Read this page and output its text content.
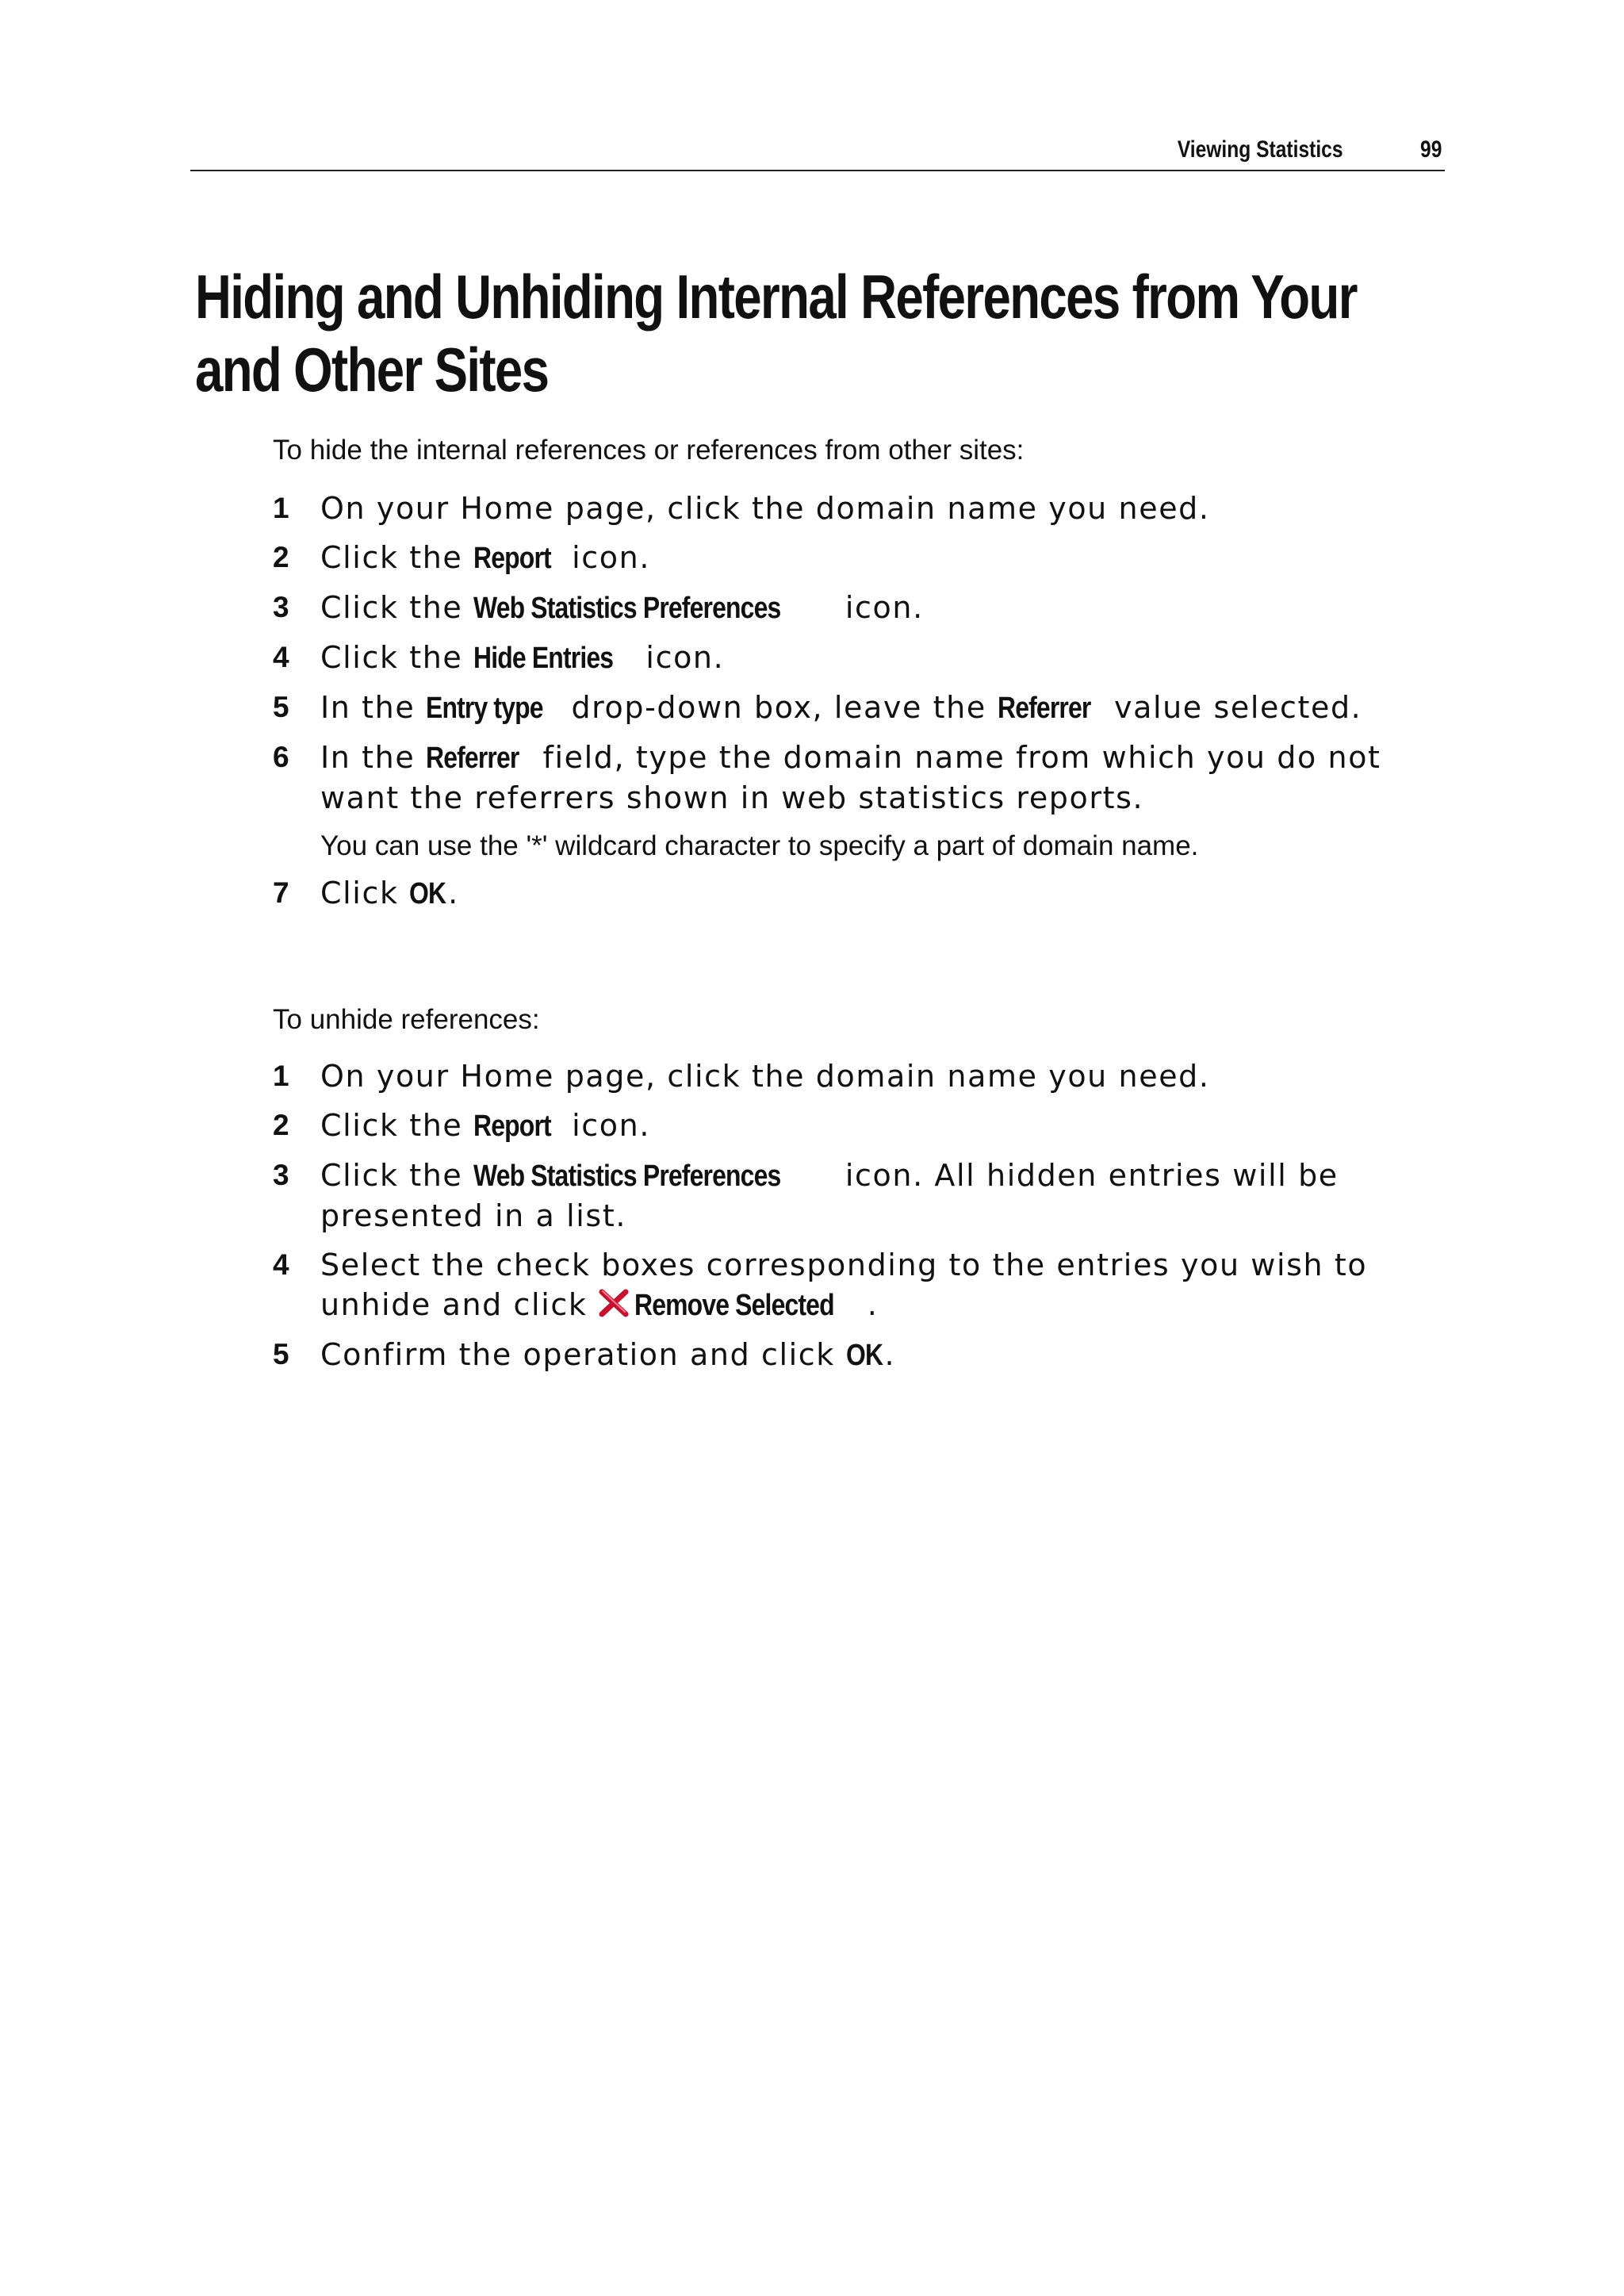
Viewing Statistics	99
Hiding and Unhiding Internal References from Your and Other Sites

To hide the internal references or references from other sites:

1 On your Home page, click the domain name you need.
2 Click the Report icon.
3 Click the Web Statistics Preferences icon.
4 Click the Hide Entries icon.
5 In the Entry type drop-down box, leave the Referrer value selected.
6 In the Referrer field, type the domain name from which you do not want the referrers shown in web statistics reports.
You can use the '*' wildcard character to specify a part of domain name.
7 Click OK.

To unhide references:

1 On your Home page, click the domain name you need.
2 Click the Report icon.
3 Click the Web Statistics Preferences icon. All hidden entries will be presented in a list.
4 Select the check boxes corresponding to the entries you wish to unhide and click
Remove Selected .
5 Confirm the operation and click OK.
